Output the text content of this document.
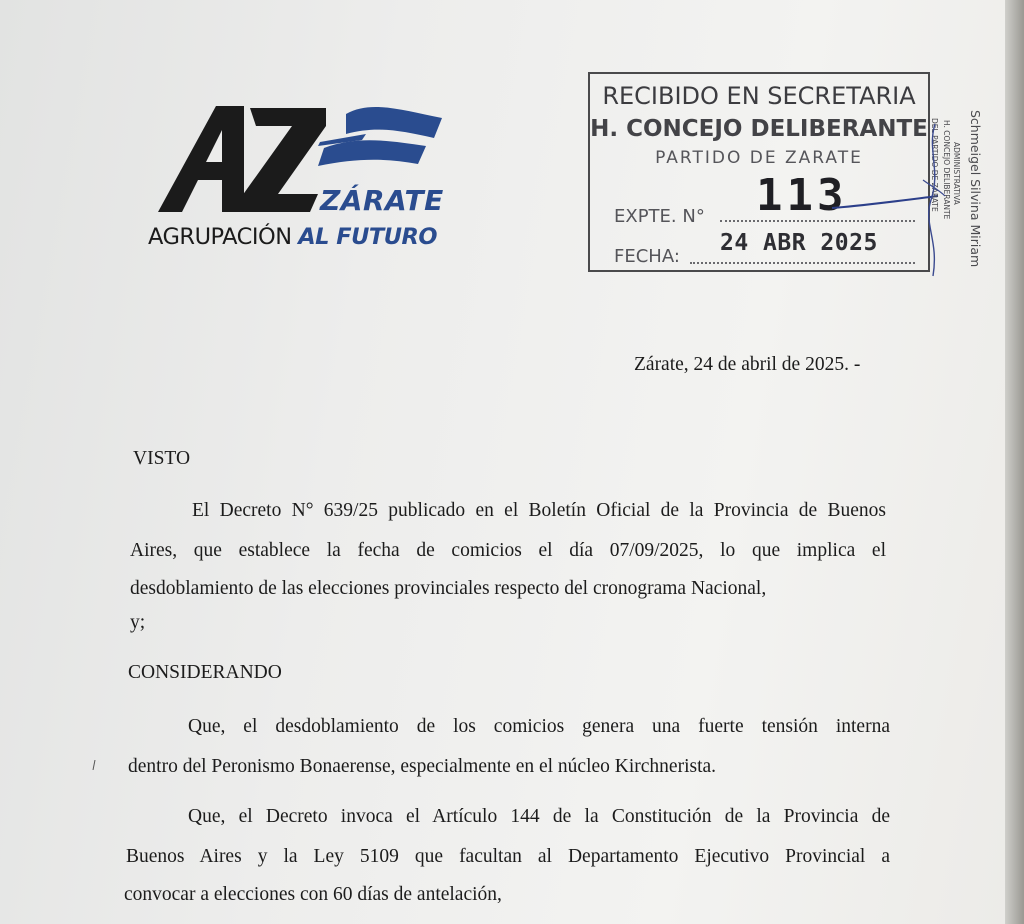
ZÁRATE
AGRUPACIÓN AL FUTURO
RECIBIDO EN SECRETARIA
H. CONCEJO DELIBERANTE
PARTIDO DE ZARATE
EXPTE. N° 113
FECHA:
24 ABR 2025	Schmeigel Silvina Miriam
ADMINISTRATIVA
H. CONCEJO DELIBERANTE
DEL PARTIDO DE ZARATE
Zárate, 24 de abril de 2025. -
VISTO
El Decreto N° 639/25 publicado en el Boletín Oficial de la Provincia de Buenos
Aires, que establece la fecha de comicios el día 07/09/2025, lo que implica el
desdoblamiento de las elecciones provinciales respecto del cronograma Nacional,
y;
CONSIDERANDO
Que, el desdoblamiento de los comicios genera una fuerte tensión interna
dentro del Peronismo Bonaerense, especialmente en el núcleo Kirchnerista.
Que, el Decreto invoca el Artículo 144 de la Constitución de la Provincia de
Buenos Aires y la Ley 5109 que facultan al Departamento Ejecutivo Provincial a
convocar a elecciones con 60 días de antelación,
